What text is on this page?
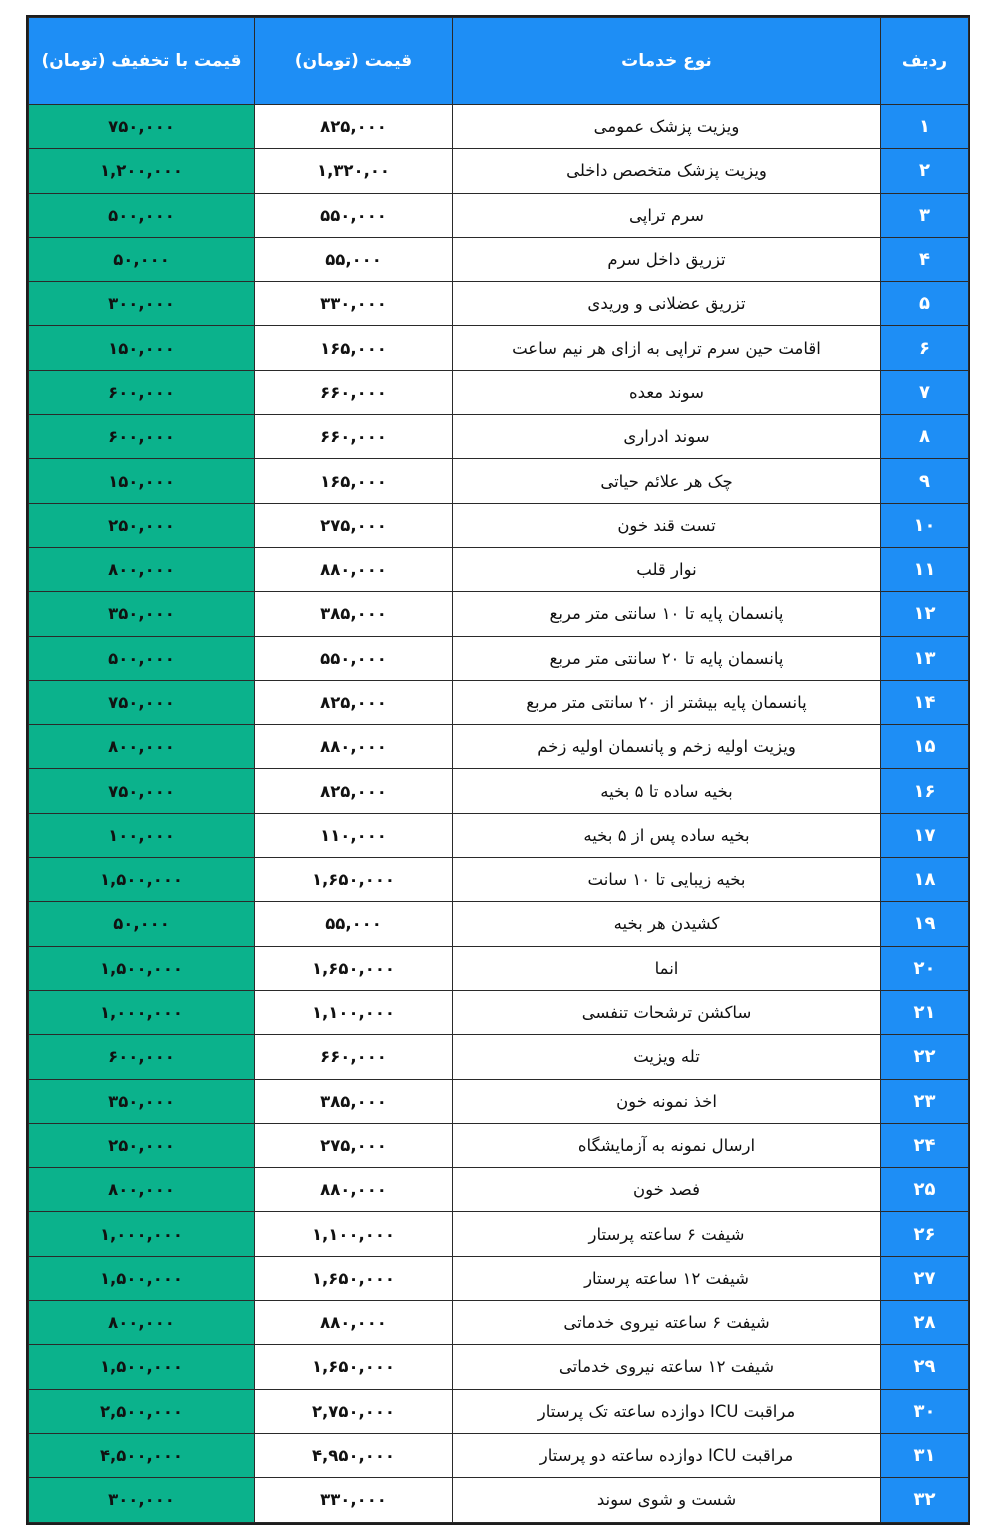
ردیف	نوع خدمات	قیمت (تومان)	قیمت با تخفیف (تومان)
۱	ویزیت پزشک عمومی	۸۲۵,۰۰۰	۷۵۰,۰۰۰
۲	ویزیت پزشک متخصص داخلی	۱,۳۲۰,۰۰	۱,۲۰۰,۰۰۰
۳	سرم تراپی	۵۵۰,۰۰۰	۵۰۰,۰۰۰
۴	تزریق داخل سرم	۵۵,۰۰۰	۵۰,۰۰۰
۵	تزریق عضلانی و وریدی	۳۳۰,۰۰۰	۳۰۰,۰۰۰
۶	اقامت حین سرم تراپی به ازای هر نیم ساعت	۱۶۵,۰۰۰	۱۵۰,۰۰۰
۷	سوند معده	۶۶۰,۰۰۰	۶۰۰,۰۰۰
۸	سوند ادراری	۶۶۰,۰۰۰	۶۰۰,۰۰۰
۹	چک هر علائم حیاتی	۱۶۵,۰۰۰	۱۵۰,۰۰۰
۱۰	تست قند خون	۲۷۵,۰۰۰	۲۵۰,۰۰۰
۱۱	نوار قلب	۸۸۰,۰۰۰	۸۰۰,۰۰۰
۱۲	پانسمان پایه تا ۱۰ سانتی متر مربع	۳۸۵,۰۰۰	۳۵۰,۰۰۰
۱۳	پانسمان پایه تا ۲۰ سانتی متر مربع	۵۵۰,۰۰۰	۵۰۰,۰۰۰
۱۴	پانسمان پایه بیشتر از ۲۰ سانتی متر مربع	۸۲۵,۰۰۰	۷۵۰,۰۰۰
۱۵	ویزیت اولیه زخم و پانسمان اولیه زخم	۸۸۰,۰۰۰	۸۰۰,۰۰۰
۱۶	بخیه ساده تا ۵ بخیه	۸۲۵,۰۰۰	۷۵۰,۰۰۰
۱۷	بخیه ساده پس از ۵ بخیه	۱۱۰,۰۰۰	۱۰۰,۰۰۰
۱۸	بخیه زیبایی تا ۱۰ سانت	۱,۶۵۰,۰۰۰	۱,۵۰۰,۰۰۰
۱۹	کشیدن هر بخیه	۵۵,۰۰۰	۵۰,۰۰۰
۲۰	انما	۱,۶۵۰,۰۰۰	۱,۵۰۰,۰۰۰
۲۱	ساکشن ترشحات تنفسی	۱,۱۰۰,۰۰۰	۱,۰۰۰,۰۰۰
۲۲	تله ویزیت	۶۶۰,۰۰۰	۶۰۰,۰۰۰
۲۳	اخذ نمونه خون	۳۸۵,۰۰۰	۳۵۰,۰۰۰
۲۴	ارسال نمونه به آزمایشگاه	۲۷۵,۰۰۰	۲۵۰,۰۰۰
۲۵	فصد خون	۸۸۰,۰۰۰	۸۰۰,۰۰۰
۲۶	شیفت ۶ ساعته پرستار	۱,۱۰۰,۰۰۰	۱,۰۰۰,۰۰۰
۲۷	شیفت ۱۲ ساعته پرستار	۱,۶۵۰,۰۰۰	۱,۵۰۰,۰۰۰
۲۸	شیفت ۶ ساعته نیروی خدماتی	۸۸۰,۰۰۰	۸۰۰,۰۰۰
۲۹	شیفت ۱۲ ساعته نیروی خدماتی	۱,۶۵۰,۰۰۰	۱,۵۰۰,۰۰۰
۳۰	مراقبت ICU دوازده ساعته تک پرستار	۲,۷۵۰,۰۰۰	۲,۵۰۰,۰۰۰
۳۱	مراقبت ICU دوازده ساعته دو پرستار	۴,۹۵۰,۰۰۰	۴,۵۰۰,۰۰۰
۳۲	شست و شوی سوند	۳۳۰,۰۰۰	۳۰۰,۰۰۰
